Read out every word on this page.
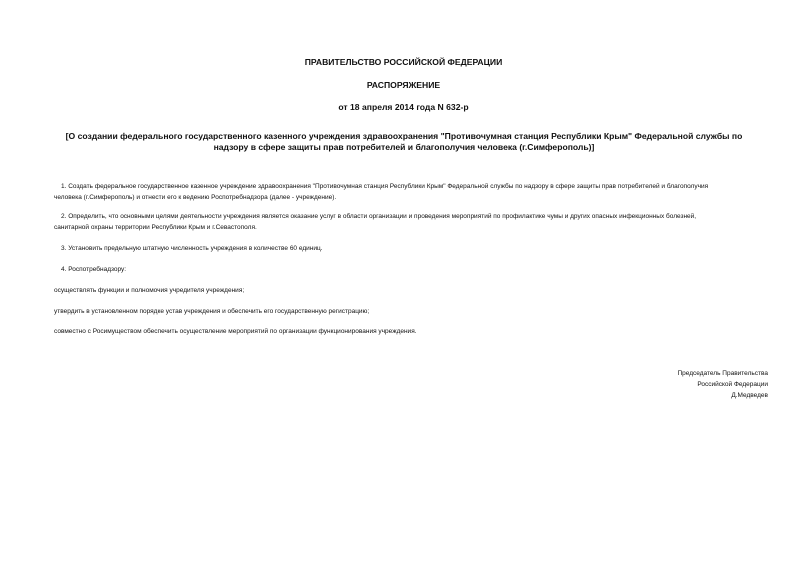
ПРАВИТЕЛЬСТВО РОССИЙСКОЙ ФЕДЕРАЦИИ
РАСПОРЯЖЕНИЕ
от 18 апреля 2014 года N 632-р
[О создании федерального государственного казенного учреждения здравоохранения "Противочумная станция Республики Крым" Федеральной службы по
надзору в сфере защиты прав потребителей и благополучия человека (г.Симферополь)]
1. Создать федеральное государственное казенное учреждение здравоохранения "Противочумная станция Республики Крым" Федеральной службы по надзору в сфере защиты прав потребителей и благополучия
человека (г.Симферополь) и отнести его к ведению Роспотребнадзора (далее - учреждение).
2. Определить, что основными целями деятельности учреждения является оказание услуг в области организации и проведения мероприятий по профилактике чумы и других опасных инфекционных болезней,
санитарной охраны территории Республики Крым и г.Севастополя.
3. Установить предельную штатную численность учреждения в количестве 60 единиц.
4. Роспотребнадзору:
осуществлять функции и полномочия учредителя учреждения;
утвердить в установленном порядке устав учреждения и обеспечить его государственную регистрацию;
совместно с Росимуществом обеспечить осуществление мероприятий по организации функционирования учреждения.
Председатель Правительства
Российской Федерации
Д.Медведев
